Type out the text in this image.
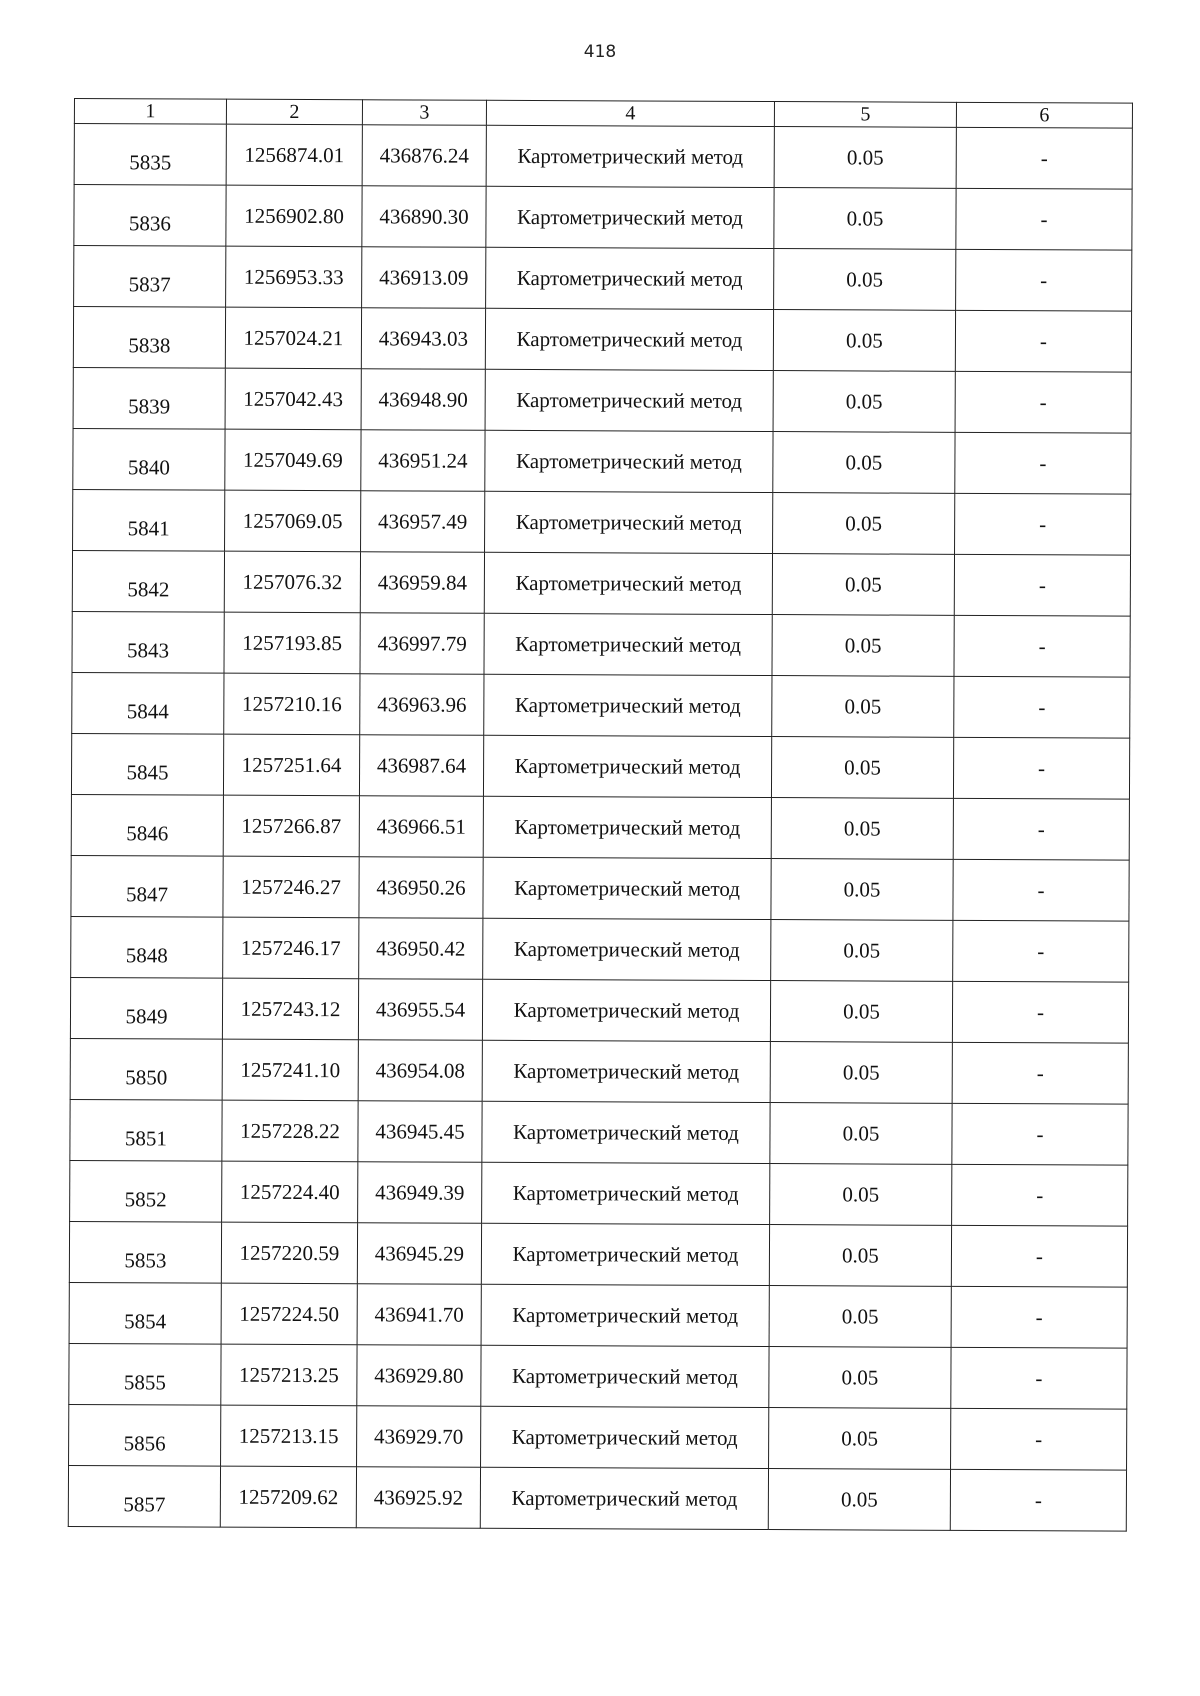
418
1	2	3	4	5	6
5835	1256874.01	436876.24	Картометрический метод	0.05	-
5836	1256902.80	436890.30	Картометрический метод	0.05	-
5837	1256953.33	436913.09	Картометрический метод	0.05	-
5838	1257024.21	436943.03	Картометрический метод	0.05	-
5839	1257042.43	436948.90	Картометрический метод	0.05	-
5840	1257049.69	436951.24	Картометрический метод	0.05	-
5841	1257069.05	436957.49	Картометрический метод	0.05	-
5842	1257076.32	436959.84	Картометрический метод	0.05	-
5843	1257193.85	436997.79	Картометрический метод	0.05	-
5844	1257210.16	436963.96	Картометрический метод	0.05	-
5845	1257251.64	436987.64	Картометрический метод	0.05	-
5846	1257266.87	436966.51	Картометрический метод	0.05	-
5847	1257246.27	436950.26	Картометрический метод	0.05	-
5848	1257246.17	436950.42	Картометрический метод	0.05	-
5849	1257243.12	436955.54	Картометрический метод	0.05	-
5850	1257241.10	436954.08	Картометрический метод	0.05	-
5851	1257228.22	436945.45	Картометрический метод	0.05	-
5852	1257224.40	436949.39	Картометрический метод	0.05	-
5853	1257220.59	436945.29	Картометрический метод	0.05	-
5854	1257224.50	436941.70	Картометрический метод	0.05	-
5855	1257213.25	436929.80	Картометрический метод	0.05	-
5856	1257213.15	436929.70	Картометрический метод	0.05	-
5857	1257209.62	436925.92	Картометрический метод	0.05	-
